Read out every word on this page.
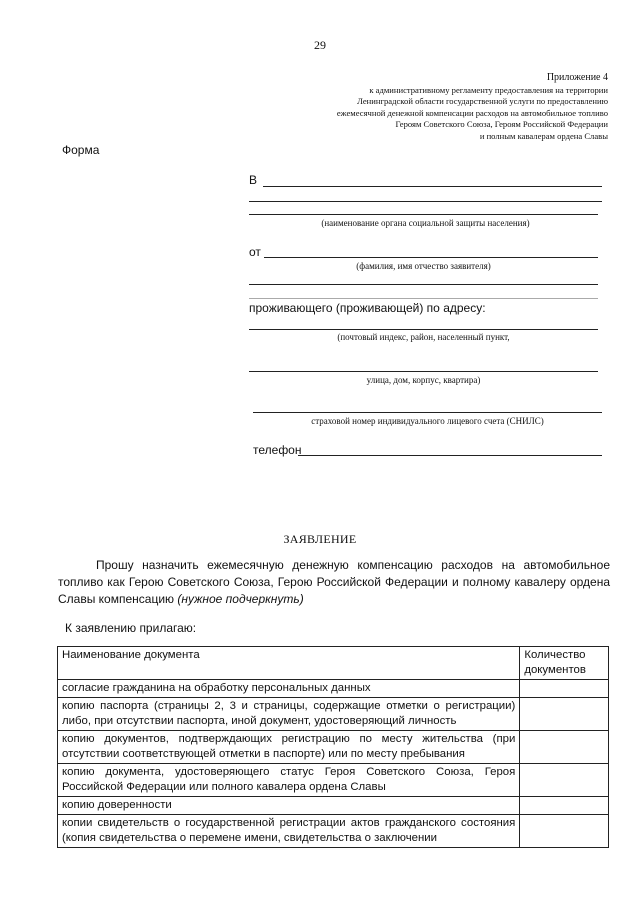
29
Приложение 4
к административному регламенту предоставления на территории
Ленинградской области государственной услуги по предоставлению
ежемесячной денежной компенсации расходов на автомобильное топливо
Героям Советского Союза, Героям Российской Федерации
и полным кавалерам ордена Славы
Форма
В
(наименование органа социальной защиты населения)
от
(фамилия, имя отчество заявителя)
проживающего (проживающей) по адресу:
(почтовый индекс, район, населенный пункт,
улица, дом, корпус, квартира)
страховой номер индивидуального лицевого счета (СНИЛС)
телефон
ЗАЯВЛЕНИЕ
Прошу назначить ежемесячную денежную компенсацию расходов на автомобильное топливо как Герою Советского Союза, Герою Российской Федерации и полному кавалеру ордена Славы компенсацию (нужное подчеркнуть)
К заявлению прилагаю:
Наименование документа	Количество документов
согласие гражданина на обработку персональных данных	
копию паспорта (страницы 2, 3 и страницы, содержащие отметки о регистрации) либо, при отсутствии паспорта, иной документ, удостоверяющий личность	
копию документов, подтверждающих регистрацию по месту жительства (при отсутствии соответствующей отметки в паспорте) или по месту пребывания	
копию документа, удостоверяющего статус Героя Советского Союза, Героя Российской Федерации или полного кавалера ордена Славы	
копию доверенности	
копии свидетельств о государственной регистрации актов гражданского состояния (копия свидетельства о перемене имени, свидетельства о заключении	
